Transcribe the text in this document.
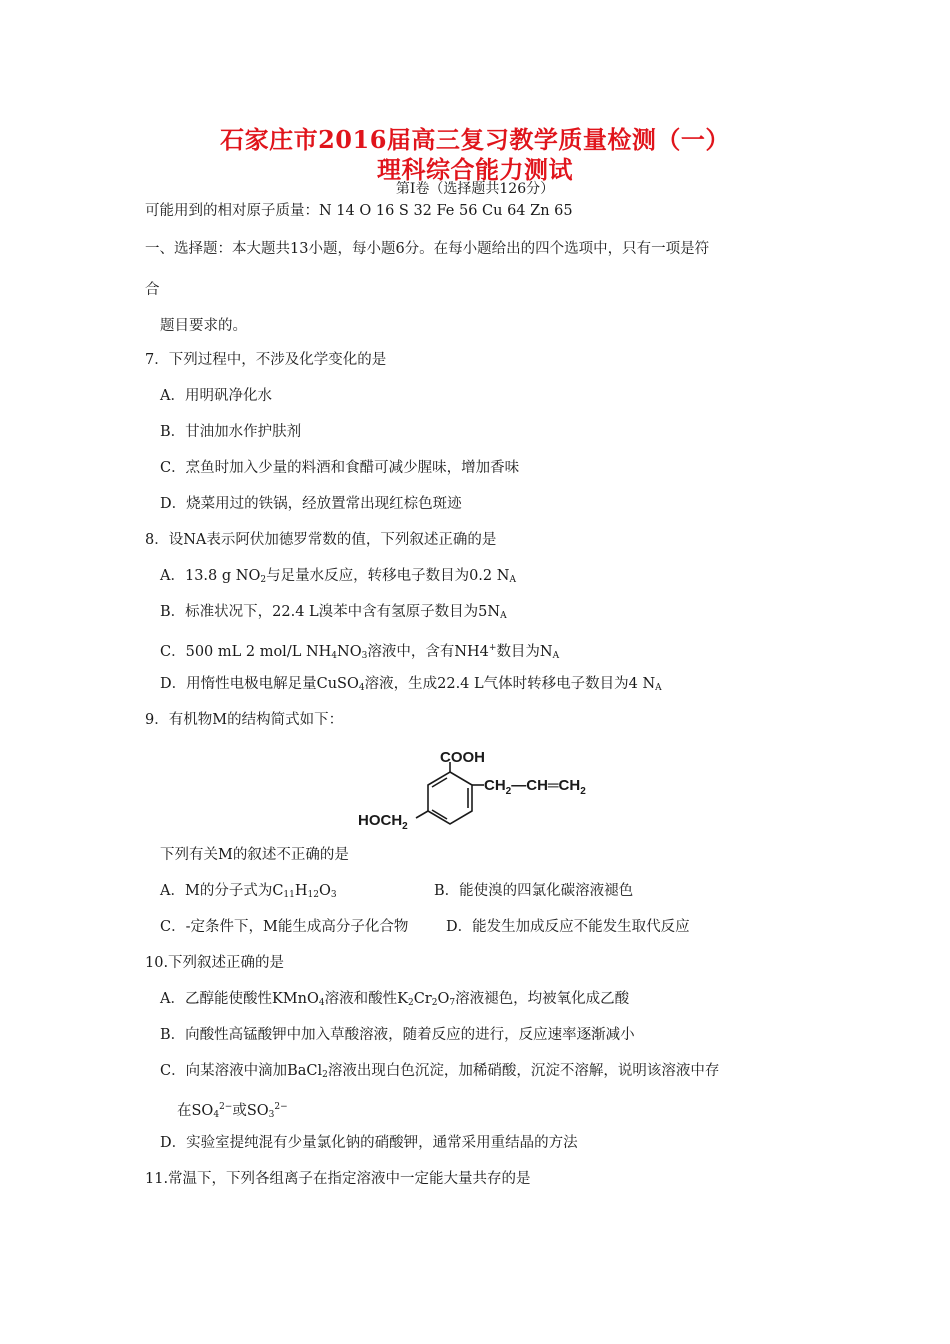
石家庄市2016届高三复习教学质量检测（一）
理科综合能力测试
第Ⅰ卷（选择题共126分）
可能用到的相对原子质量：N 14 O 16 S 32 Fe 56 Cu 64 Zn 65
一、选择题：本大题共13小题，每小题6分。在每小题给出的四个选项中，只有一项是符
合
题目要求的。
7．下列过程中，不涉及化学变化的是
A．用明矾净化水
B．甘油加水作护肤剂
C．烹鱼时加入少量的料酒和食醋可减少腥味，增加香味
D．烧菜用过的铁锅，经放置常出现红棕色斑迹
8．设NA表示阿伏加德罗常数的值，下列叙述正确的是
A．13.8 g $NO_2$与足量水反应，转移电子数目为0.2 $N_A$
B．标准状况下，22.4 L溴苯中含有氢原子数目为$5N_A$
C．500 mL 2 mol/L $NH_4NO_3$溶液中，含有NH4+数目为$N_A$
D．用惰性电极电解足量CuSO$_4$溶液，生成22.4 L气体时转移电子数目为4 $N_A$
9．有机物M的结构简式如下：
COOH
$HOCH_2$
$CH_2—CH═CH_2$
下列有关M的叙述不正确的是
A．M的分子式为$C_{11}H_{12}O_3$	B．能使溴的四氯化碳溶液褪色
C．-定条件下，M能生成高分子化合物	D．能发生加成反应不能发生取代反应
10.下列叙述正确的是
A．乙醇能使酸性KMnO$_4$溶液和酸性$K_2Cr_2O_7$溶液褪色，均被氧化成乙酸
B．向酸性高锰酸钾中加入草酸溶液，随着反应的进行，反应速率逐渐减小
C．向某溶液中滴加BaCl$_2$溶液出现白色沉淀，加稀硝酸，沉淀不溶解，说明该溶液中存
在$SO_4^{2-}$或$SO_3^{2-}$
D．实验室提纯混有少量氯化钠的硝酸钾，通常采用重结晶的方法
11.常温下，下列各组离子在指定溶液中一定能大量共存的是
